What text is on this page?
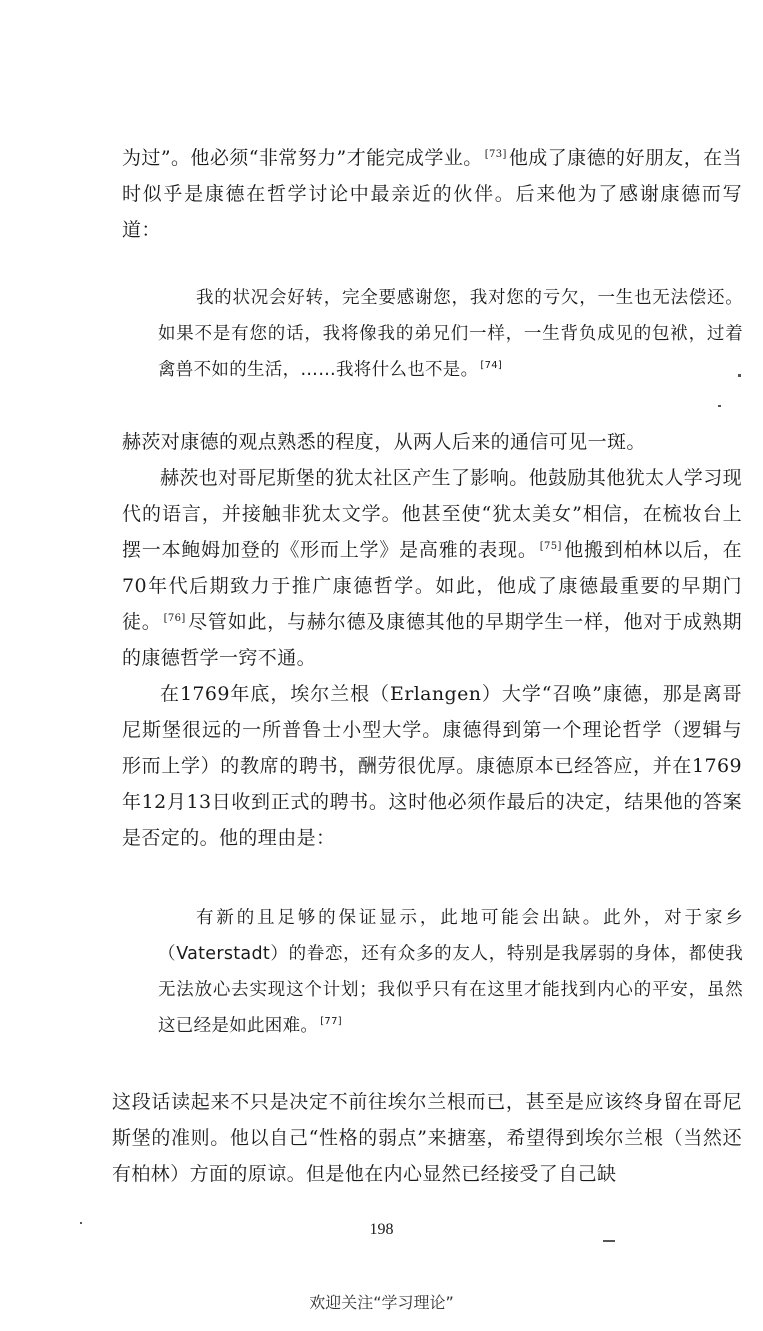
为过”。他必须“非常努力”才能完成学业。 [73] 他成了康德的好朋友，在当时似乎是康德在哲学讨论中最亲近的伙伴。后来他为了感谢康德而写道：

我的状况会好转，完全要感谢您，我对您的亏欠，一生也无法偿还。如果不是有您的话，我将像我的弟兄们一样，一生背负成见的包袱，过着禽兽不如的生活，……我将什么也不是。 [74]

赫茨对康德的观点熟悉的程度，从两人后来的通信可见一斑。

赫茨也对哥尼斯堡的犹太社区产生了影响。他鼓励其他犹太人学习现代的语言，并接触非犹太文学。他甚至使“犹太美女”相信，在梳妆台上摆一本鲍姆加登的《形而上学》是高雅的表现。 [75] 他搬到柏林以后，在70年代后期致力于推广康德哲学。如此，他成了康德最重要的早期门徒。 [76] 尽管如此，与赫尔德及康德其他的早期学生一样，他对于成熟期的康德哲学一窍不通。

在1769年底，埃尔兰根（Erlangen）大学“召唤”康德，那是离哥尼斯堡很远的一所普鲁士小型大学。康德得到第一个理论哲学（逻辑与形而上学）的教席的聘书，酬劳很优厚。康德原本已经答应，并在1769年12月13日收到正式的聘书。这时他必须作最后的决定，结果他的答案是否定的。他的理由是：

有新的且足够的保证显示，此地可能会出缺。此外，对于家乡（Vaterstadt）的眷恋，还有众多的友人，特别是我孱弱的身体，都使我无法放心去实现这个计划；我似乎只有在这里才能找到内心的平安，虽然这已经是如此困难。 [77]

这段话读起来不只是决定不前往埃尔兰根而已，甚至是应该终身留在哥尼斯堡的准则。他以自己“性格的弱点”来搪塞，希望得到埃尔兰根（当然还有柏林）方面的原谅。但是他在内心显然已经接受了自己缺

198
欢迎关注“学习理论”
